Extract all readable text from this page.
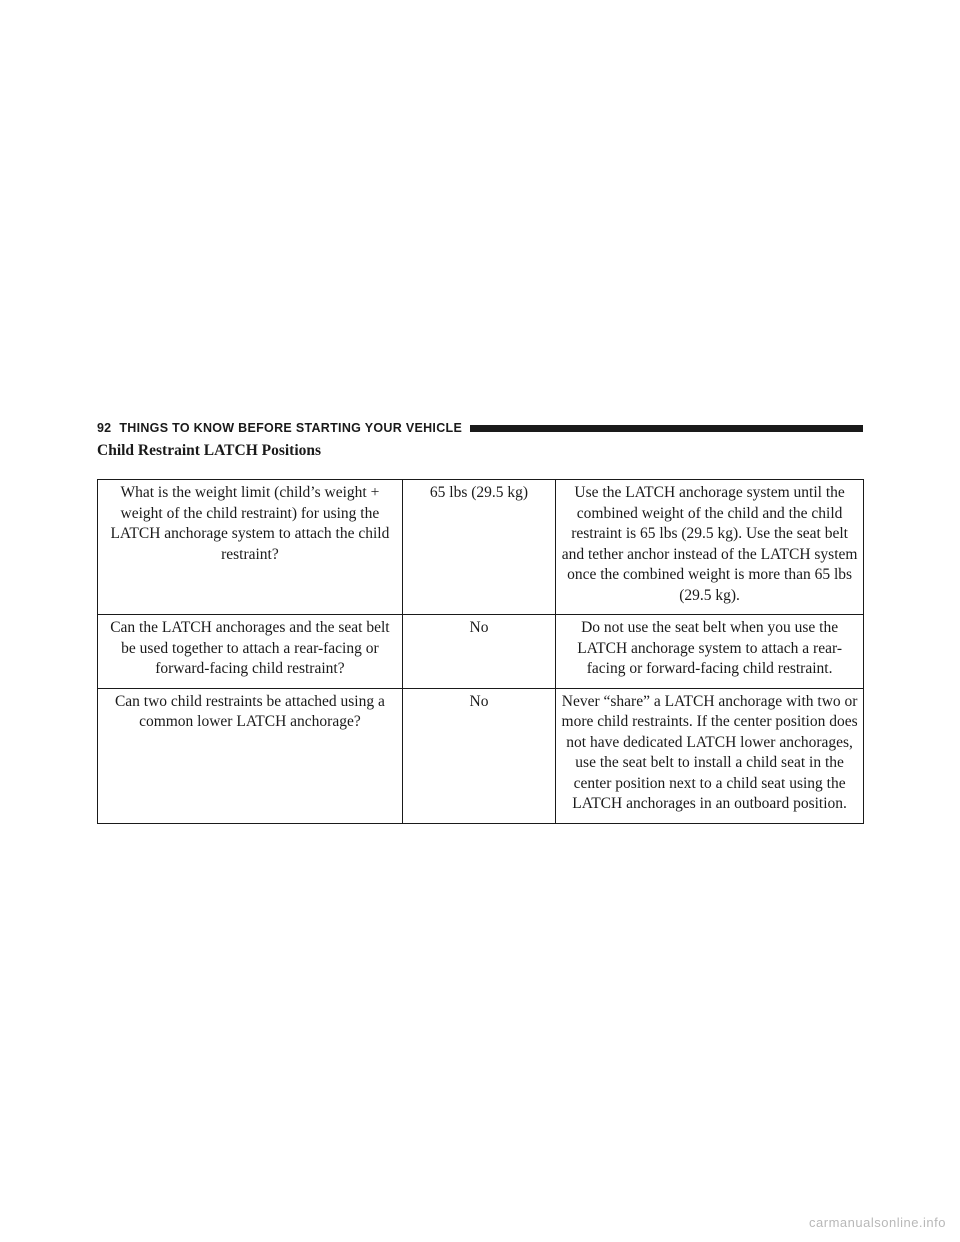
92 THINGS TO KNOW BEFORE STARTING YOUR VEHICLE
Child Restraint LATCH Positions
What is the weight limit (child’s weight + weight of the child restraint) for using the LATCH anchorage system to attach the child restraint?	65 lbs (29.5 kg)	Use the LATCH anchorage system until the combined weight of the child and the child restraint is 65 lbs (29.5 kg). Use the seat belt and tether anchor instead of the LATCH system once the combined weight is more than 65 lbs (29.5 kg).
Can the LATCH anchorages and the seat belt be used together to attach a rear-facing or forward-facing child restraint?	No	Do not use the seat belt when you use the LATCH anchorage system to attach a rear-facing or forward-facing child restraint.
Can two child restraints be attached using a common lower LATCH anchorage?	No	Never “share” a LATCH anchorage with two or more child restraints. If the center position does not have dedicated LATCH lower anchorages, use the seat belt to install a child seat in the center position next to a child seat using the LATCH anchorages in an outboard position.
carmanualsonline.info
